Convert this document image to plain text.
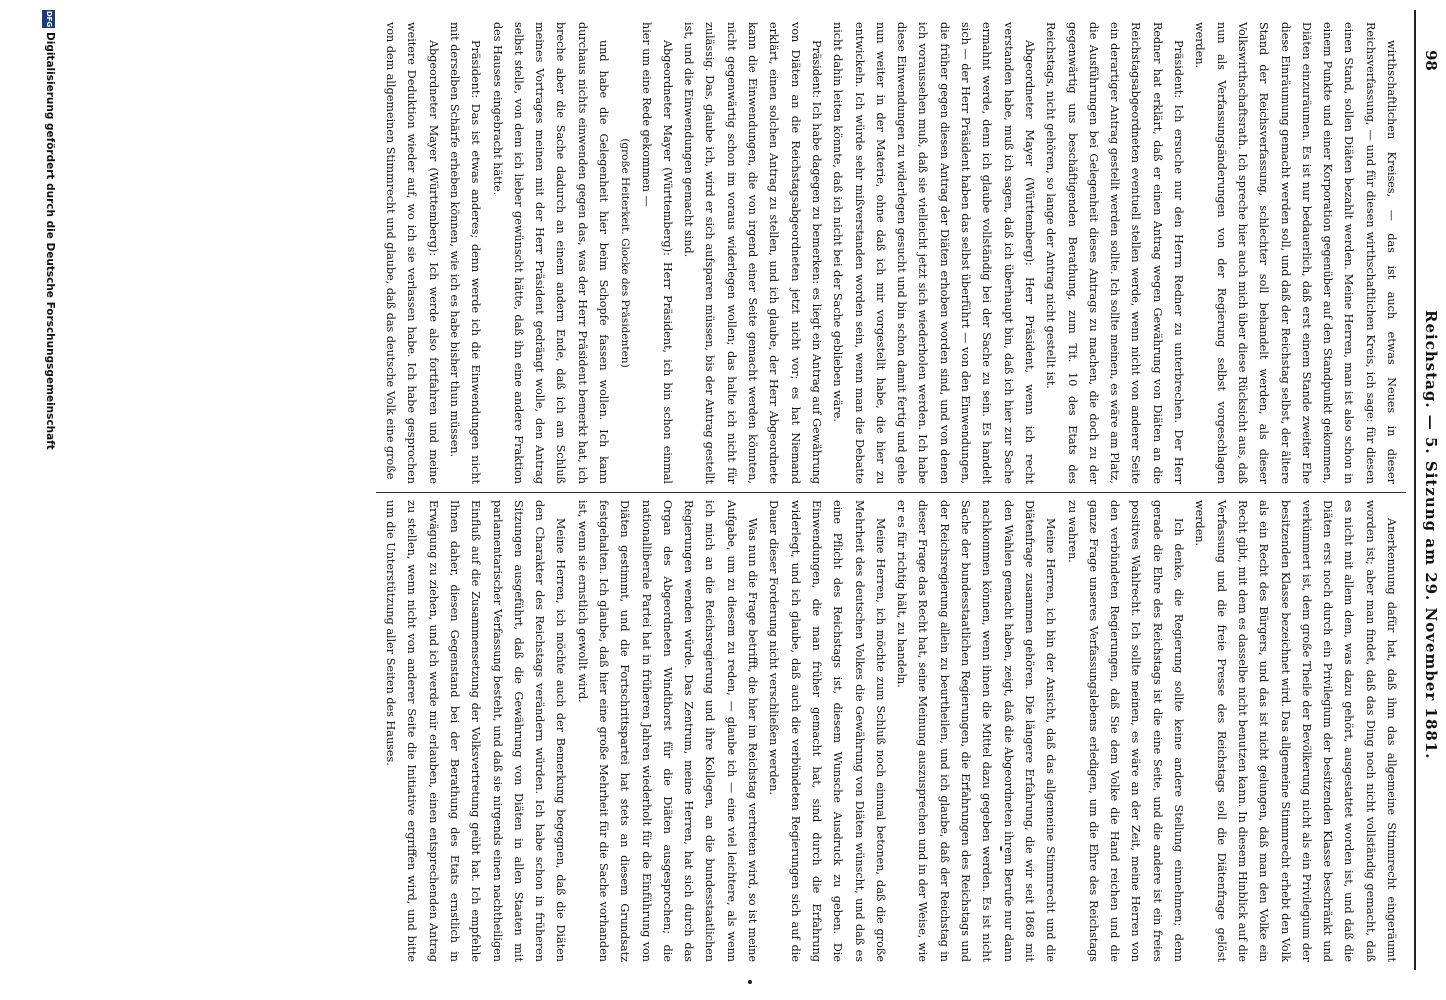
98
Reichstag. — 5. Sitzung am 29. November 1881.

wirthschaftlichen Kreises, — das ist auch etwas Neues in dieser Reichsverfassung, — und für diesen wirthschaftlichen Kreis, ich sage: für diesen einen Stand, sollen Diäten bezahlt werden. Meine Herren, man ist also schon in einem Punkte und einer Korporation gegenüber auf den Standpunkt gekommen, Diäten einzuräumen. Es ist nur bedauerlich, daß erst einem Stande zweiter Ehe diese Einräumung gemacht werden soll, und daß der Reichstag selbst, der ältere Stand der Reichsverfassung, schlechter soll behandelt werden, als dieser Volkswirthschaftsrath. Ich spreche hier auch mich über diese Rücksicht aus, daß nun als Verfassungsänderungen von der Regierung selbst vorgeschlagen werden.

Präsident: Ich ersuche nur den Herrn Redner zu unterbrechen. Der Herr Redner hat erklärt, daß er einen Antrag wegen Gewährung von Diäten an die Reichstagsabgeordneten eventuell stellen werde, wenn nicht von anderer Seite ein derartiger Antrag gestellt werden sollte. Ich sollte meinen, es wäre am Platz, die Ausführungen bei Gelegenheit dieses Antrags zu machen, die doch zu der gegenwärtig uns beschäftigenden Berathung, zum Tit. 10 des Etats des Reichstags, nicht gehören, so lange der Antrag nicht gestellt ist.

Abgeordneter Mayer (Württemberg): Herr Präsident, wenn ich recht verstanden habe, muß ich sagen, daß ich überhaupt bin, daß ich hier zur Sache ermahnt werde, denn ich glaube vollständig bei der Sache zu sein. Es handelt sich — der Herr Präsident haben das selbst überführt — von den Einwendungen, die früher gegen diesen Antrag der Diäten erhoben worden sind, und von denen ich voraussehen muß, daß sie vielleicht jetzt sich wiederholen werden. Ich habe diese Einwendungen zu widerlegen gesucht und bin schon damit fertig und gehe nun weiter in der Materie, ohne daß ich mir vorgestellt habe, die hier zu entwickeln. Ich würde sehr mißverstanden worden sein, wenn man die Debatte nicht dahin leiten könnte, daß ich nicht bei der Sache geblieben wäre.

Präsident: Ich habe dagegen zu bemerken: es liegt ein Antrag auf Gewährung von Diäten an die Reichstagsabgeordneten jetzt nicht vor; es hat Niemand erklärt, einen solchen Antrag zu stellen, und ich glaube, der Herr Abgeordnete kann die Einwendungen, die von irgend einer Seite gemacht werden könnten, nicht gegenwärtig schon im voraus widerlegen wollen; das halte ich nicht für zulässig. Das, glaube ich, wird er sich aufsparen müssen, bis der Antrag gestellt ist, und die Einwendungen gemacht sind.

Abgeordneter Mayer (Württemberg): Herr Präsident, ich bin schon einmal hier um eine Rede gekommen —

(große Heiterkeit. Glocke des Präsidenten)

und habe die Gelegenheit hier beim Schopfe fassen wollen. Ich kann durchaus nichts einwenden gegen das, was der Herr Präsident bemerkt hat, ich breche aber die Sache dadurch an einem andern Ende, daß ich am Schluß meines Vortrages meinen mit der Herr Präsident gedrängt wolle, den Antrag selbst stelle, von dem ich lieber gewünscht hätte, daß ihn eine andere Fraktion des Hauses eingebracht hätte.

Präsident: Das ist etwas anderes; denn werde ich die Einwendungen nicht mit derselben Schärfe erheben können, wie ich es habe bisher thun müssen.

Abgeordneter Mayer (Württemberg): Ich werde also fortfahren und meine weitere Deduktion wieder auf, wo ich sie verlassen habe. Ich habe gesprochen von dem allgemeinen Stimmrecht und glaube, daß das deutsche Volk eine große

Anerkennung dafür hat, daß ihm das allgemeine Stimmrecht eingeräumt worden ist; aber man findet, daß das Ding noch nicht vollständig gemacht, daß es nicht mit allem dem, was dazu gehört, ausgestattet worden ist, und daß die Diäten erst noch durch ein Privilegium der besitzenden Klasse beschränkt und verkümmert ist, dem große Theile der Bevölkerung nicht als ein Privilegium der besitzenden Klasse bezeichnet wird. Das allgemeine Stimmrecht erhebt den Volk als ein Recht des Bürgers, und das ist nicht gelungen, daß man den Volke ein Recht gibt, mit dem es dasselbe nicht benutzen kann. In diesem Hinblick auf die Verfassung und die freie Presse des Reichstags soll die Diätenfrage gelöst werden.

Ich denke, die Regierung sollte keine andere Stellung einnehmen; denn gerade die Ehre des Reichstags ist die eine Seite, und die andere ist ein freies positives Wahlrecht. Ich sollte meinen, es wäre an der Zeit, meine Herren von den verbündeten Regierungen, daß Sie dem Volke die Hand reichen und die ganze Frage unseres Verfassungslebens erledigen, um die Ehre des Reichstags zu wahren.

Meine Herren, ich bin der Ansicht, daß das allgemeine Stimmrecht und die Diätenfrage zusammen gehören. Die längere Erfahrung, die wir seit 1868 mit den Wahlen gemacht haben, zeigt, daß die Abgeordneten ihrem Berufe nur dann nachkommen können, wenn ihnen die Mittel dazu gegeben werden. Es ist nicht Sache der bundesstaatlichen Regierungen, die Erfahrungen des Reichstags und der Reichsregierung allein zu beurtheilen, und ich glaube, daß der Reichstag in dieser Frage das Recht hat, seine Meinung auszusprechen und in der Weise, wie er es für richtig hält, zu handeln.

Meine Herren, ich möchte zum Schluß noch einmal betonen, daß die große Mehrheit des deutschen Volkes die Gewährung von Diäten wünscht, und daß es eine Pflicht des Reichstags ist, diesem Wunsche Ausdruck zu geben. Die Einwendungen, die man früher gemacht hat, sind durch die Erfahrung widerlegt, und ich glaube, daß auch die verbündeten Regierungen sich auf die Dauer dieser Forderung nicht verschließen werden.

Was nun die Frage betrifft, die hier im Reichstag vertreten wird, so ist meine Aufgabe, um zu diesem zu reden, — glaube ich — eine viel leichtere, als wenn ich mich an die Reichsregierung und ihre Kollegen, an die bundesstaatlichen Regierungen wenden würde. Das Zentrum, meine Herren, hat sich durch das Organ des Abgeordneten Windthorst für die Diäten ausgesprochen; die nationalliberale Partei hat in früheren Jahren wiederholt für die Einführung von Diäten gestimmt, und die Fortschrittspartei hat stets an diesem Grundsatz festgehalten. Ich glaube, daß hier eine große Mehrheit für die Sache vorhanden ist, wenn sie ernstlich gewollt wird.

Meine Herren, ich möchte auch der Bemerkung begegnen, daß die Diäten den Charakter des Reichstags verändern würden. Ich habe schon in früheren Sitzungen ausgeführt, daß die Gewährung von Diäten in allen Staaten mit parlamentarischer Verfassung besteht, und daß sie nirgends einen nachtheiligen Einfluß auf die Zusammensetzung der Volksvertretung geübt hat. Ich empfehle Ihnen daher, diesen Gegenstand bei der Berathung des Etats ernstlich in Erwägung zu ziehen, und ich werde mir erlauben, einen entsprechenden Antrag zu stellen, wenn nicht von anderer Seite die Initiative ergriffen wird, und bitte um die Unterstützung aller Seiten des Hauses.

DFG
Digitalisierung gefördert durch die Deutsche Forschungsgemeinschaft
